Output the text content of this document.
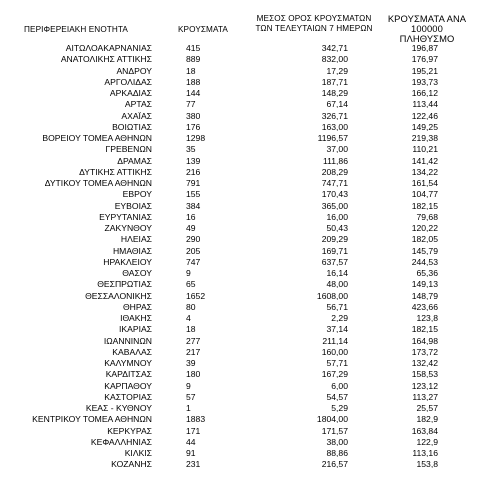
ΠΕΡΙΦΕΡΕΙΑΚΗ ΕΝΟΤΗΤΑ	ΚΡΟΥΣΜΑΤΑ
ΜΕΣΟΣ ΟΡΟΣ ΚΡΟΥΣΜΑΤΩΝ
ΤΩΝ ΤΕΛΕΥΤΑΙΩΝ 7 ΗΜΕΡΩΝ
ΚΡΟΥΣΜΑΤΑ ΑΝΑ 100000
ΠΛΗΘΥΣΜΟ
ΑΙΤΩΛΟΑΚΑΡΝΑΝΙΑΣ	415	342,71	196,87
ΑΝΑΤΟΛΙΚΗΣ ΑΤΤΙΚΗΣ	889	832,00	176,97
ΑΝΔΡΟΥ	18	17,29	195,21
ΑΡΓΟΛΙΔΑΣ	188	187,71	193,73
ΑΡΚΑΔΙΑΣ	144	148,29	166,12
ΑΡΤΑΣ	77	67,14	113,44
ΑΧΑΪΑΣ	380	326,71	122,46
ΒΟΙΩΤΙΑΣ	176	163,00	149,25
ΒΟΡΕΙΟΥ ΤΟΜΕΑ ΑΘΗΝΩΝ	1298	1196,57	219,38
ΓΡΕΒΕΝΩΝ	35	37,00	110,21
ΔΡΑΜΑΣ	139	111,86	141,42
ΔΥΤΙΚΗΣ ΑΤΤΙΚΗΣ	216	208,29	134,22
ΔΥΤΙΚΟΥ ΤΟΜΕΑ ΑΘΗΝΩΝ	791	747,71	161,54
ΕΒΡΟΥ	155	170,43	104,77
ΕΥΒΟΙΑΣ	384	365,00	182,15
ΕΥΡΥΤΑΝΙΑΣ	16	16,00	79,68
ΖΑΚΥΝΘΟΥ	49	50,43	120,22
ΗΛΕΙΑΣ	290	209,29	182,05
ΗΜΑΘΙΑΣ	205	169,71	145,79
ΗΡΑΚΛΕΙΟΥ	747	637,57	244,53
ΘΑΣΟΥ	9	16,14	65,36
ΘΕΣΠΡΩΤΙΑΣ	65	48,00	149,13
ΘΕΣΣΑΛΟΝΙΚΗΣ	1652	1608,00	148,79
ΘΗΡΑΣ	80	56,71	423,66
ΙΘΑΚΗΣ	4	2,29	123,8
ΙΚΑΡΙΑΣ	18	37,14	182,15
ΙΩΑΝΝΙΝΩΝ	277	211,14	164,98
ΚΑΒΑΛΑΣ	217	160,00	173,72
ΚΑΛΥΜΝΟΥ	39	57,71	132,42
ΚΑΡΔΙΤΣΑΣ	180	167,29	158,53
ΚΑΡΠΑΘΟΥ	9	6,00	123,12
ΚΑΣΤΟΡΙΑΣ	57	54,57	113,27
ΚΕΑΣ - ΚΥΘΝΟΥ	1	5,29	25,57
ΚΕΝΤΡΙΚΟΥ ΤΟΜΕΑ ΑΘΗΝΩΝ	1883	1804,00	182,9
ΚΕΡΚΥΡΑΣ	171	171,57	163,84
ΚΕΦΑΛΛΗΝΙΑΣ	44	38,00	122,9
ΚΙΛΚΙΣ	91	88,86	113,16
ΚΟΖΑΝΗΣ	231	216,57	153,8
